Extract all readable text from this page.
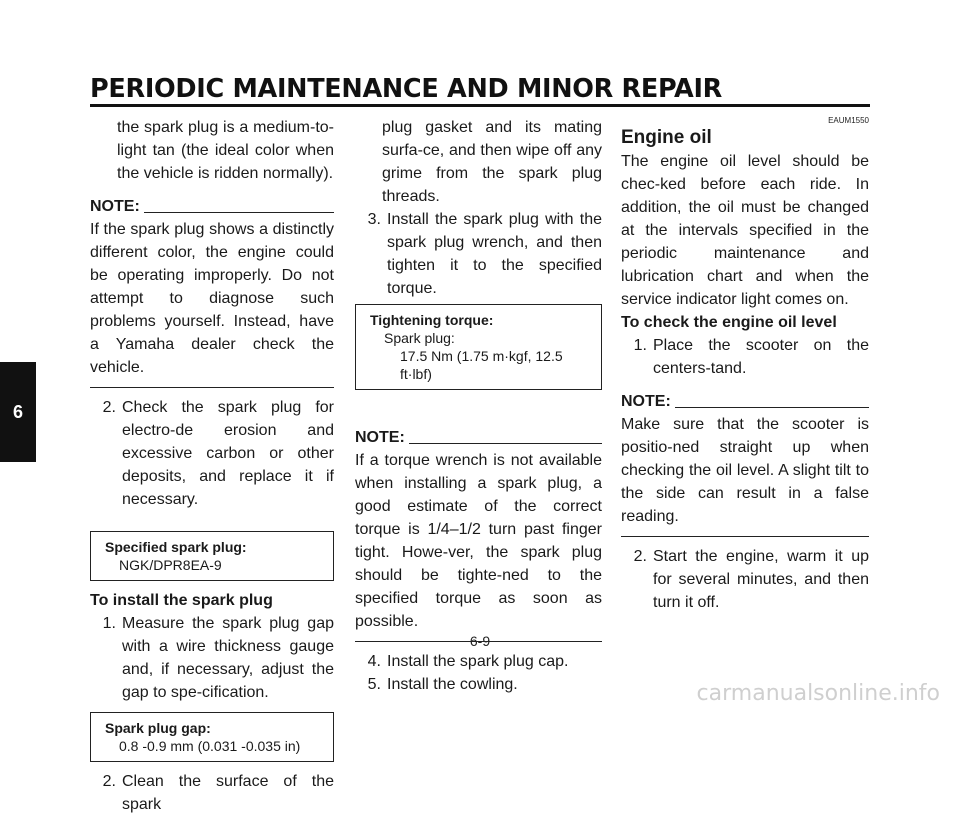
PERIODIC MAINTENANCE AND MINOR REPAIR
6

the spark plug is a medium-to-light tan (the ideal color when the vehicle is ridden normally).

NOTE:

If the spark plug shows a distinctly different color, the engine could be operating improperly. Do not attempt to diagnose such problems yourself. Instead, have a Yamaha dealer check the vehicle.

2. Check the spark plug for electro-de erosion and excessive carbon or other deposits, and replace it if necessary.
Specified spark plug:
NGK/DPR8EA-9

To install the spark plug

1. Measure the spark plug gap with a wire thickness gauge and, if necessary, adjust the gap to spe-cification.
Spark plug gap:
0.8 -0.9 mm (0.031 -0.035 in)
2. Clean the surface of the spark

plug gasket and its mating surfa-ce, and then wipe off any grime from the spark plug threads.

3. Install the spark plug with the spark plug wrench, and then tighten it to the specified torque.
Tightening torque:
Spark plug:
17.5 Nm (1.75 m·kgf, 12.5 ft·lbf)
NOTE:

If a torque wrench is not available when installing a spark plug, a good estimate of the correct torque is 1/4–1/2 turn past finger tight. Howe-ver, the spark plug should be tighte-ned to the specified torque as soon as possible.

4. Install the spark plug cap.
5. Install the cowling.
EAUM1550

Engine oil

The engine oil level should be chec-ked before each ride. In addition, the oil must be changed at the intervals specified in the periodic maintenance and lubrication chart and when the service indicator light comes on.

To check the engine oil level

1. Place the scooter on the centers-tand.
NOTE:

Make sure that the scooter is positio-ned straight up when checking the oil level. A slight tilt to the side can result in a false reading.

2. Start the engine, warm it up for several minutes, and then turn it off.
6-9
carmanualsonline.info
